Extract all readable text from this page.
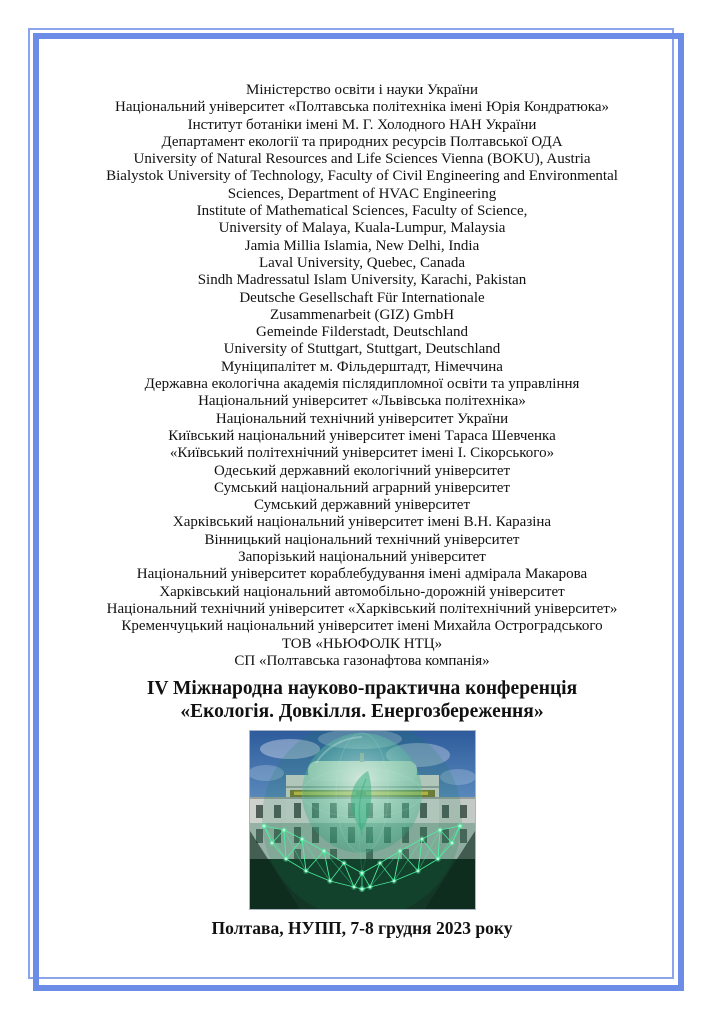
Міністерство освіти і науки України
Національний університет «Полтавська політехніка імені Юрія Кондратюка»
Інститут ботаніки імені М. Г. Холодного НАН України
Департамент екології та природних ресурсів Полтавської ОДА
University of Natural Resources and Life Sciences Vienna (BOKU), Austria
Bialystok University of Technology, Faculty of Civil Engineering and Environmental
Sciences, Department of HVAC Engineering
Institute of Mathematical Sciences, Faculty of Science,
University of Malaya, Kuala-Lumpur, Malaysia
Jamia Millia Islamia, New Delhi, India
Laval University, Quebec, Canada
Sindh Madressatul Islam University, Karachi, Pakistan
Deutsche Gesellschaft Für Internationale
Zusammenarbeit (GIZ) GmbH
Gemeinde Filderstadt, Deutschland
University of Stuttgart, Stuttgart, Deutschland
Муніципалітет м. Фільдерштадт, Німеччина
Державна екологічна академія післядипломної освіти та управління
Національний університет «Львівська політехніка»
Національний технічний університет України
Київський національний університет імені Тараса Шевченка
«Київський політехнічний університет імені І. Сікорського»
Одеський державний екологічний університет
Сумський національний аграрний університет
Сумський державний університет
Харківський національний університет імені В.Н. Каразіна
Вінницький національний технічний університет
Запорізький національний університет
Національний університет кораблебудування імені адмірала Макарова
Харківський національний автомобільно-дорожній університет
Національний технічний університет «Харківський політехнічний університет»
Кременчуцький національний університет імені Михайла Остроградського
ТОВ «НЬЮФОЛК НТЦ»
СП «Полтавська газонафтова компанія»
IV Міжнародна науково-практична конференція
«Екологія. Довкілля. Енергозбереження»
Полтава, НУПП, 7-8 грудня 2023 року
